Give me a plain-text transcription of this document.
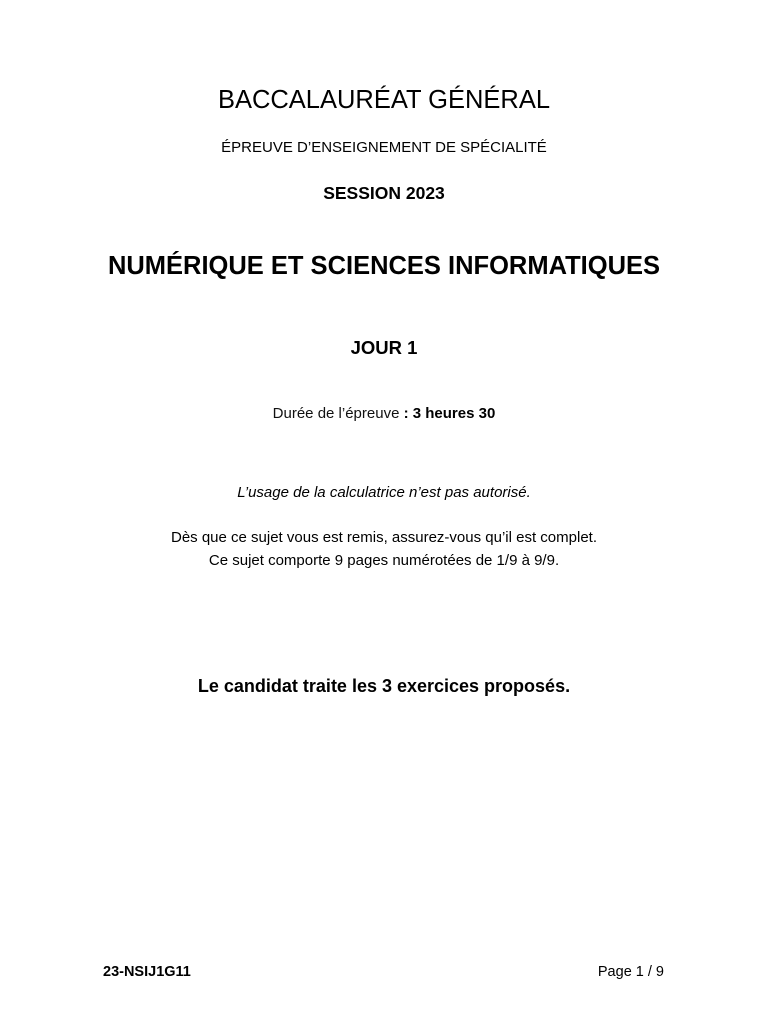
BACCALAURÉAT GÉNÉRAL
ÉPREUVE D’ENSEIGNEMENT DE SPÉCIALITÉ
SESSION 2023
NUMÉRIQUE ET SCIENCES INFORMATIQUES
JOUR 1
Durée de l’épreuve : 3 heures 30
L’usage de la calculatrice n’est pas autorisé.
Dès que ce sujet vous est remis, assurez-vous qu’il est complet.
Ce sujet comporte 9 pages numérotées de 1/9 à 9/9.
Le candidat traite les 3 exercices proposés.
23-NSIJ1G11	Page 1 / 9
